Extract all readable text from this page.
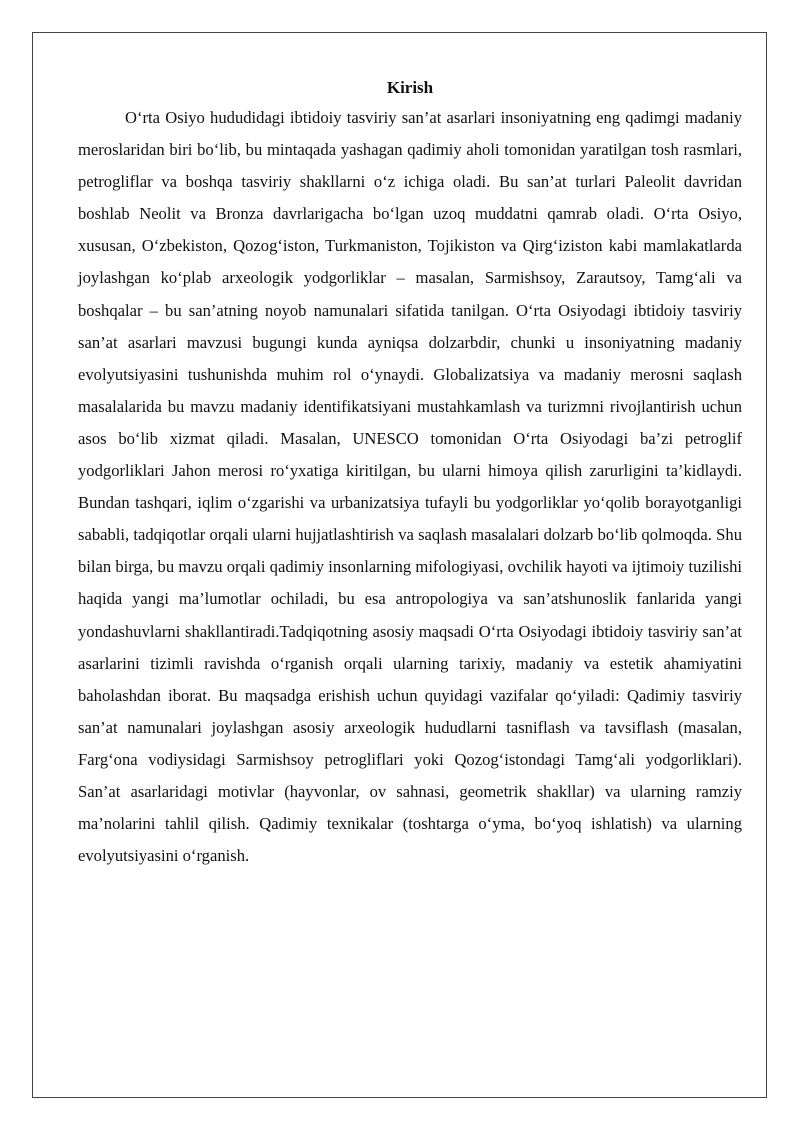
Kirish

O‘rta Osiyo hududidagi ibtidoiy tasviriy san’at asarlari insoniyatning eng qadimgi madaniy meroslaridan biri bo‘lib, bu mintaqada yashagan qadimiy aholi tomonidan yaratilgan tosh rasmlari, petrogliflar va boshqa tasviriy shakllarni o‘z ichiga oladi. Bu san’at turlari Paleolit davridan boshlab Neolit va Bronza davrlarigacha bo‘lgan uzoq muddatni qamrab oladi. O‘rta Osiyo, xususan, O‘zbekiston, Qozog‘iston, Turkmaniston, Tojikiston va Qirg‘iziston kabi mamlakatlarda joylashgan ko‘plab arxeologik yodgorliklar – masalan, Sarmishsoy, Zarautsoy, Tamg‘ali va boshqalar – bu san’atning noyob namunalari sifatida tanilgan. O‘rta Osiyodagi ibtidoiy tasviriy san’at asarlari mavzusi bugungi kunda ayniqsa dolzarbdir, chunki u insoniyatning madaniy evolyutsiyasini tushunishda muhim rol o‘ynaydi. Globalizatsiya va madaniy merosni saqlash masalalarida bu mavzu madaniy identifikatsiyani mustahkamlash va turizmni rivojlantirish uchun asos bo‘lib xizmat qiladi. Masalan, UNESCO tomonidan O‘rta Osiyodagi ba’zi petroglif yodgorliklari Jahon merosi ro‘yxatiga kiritilgan, bu ularni himoya qilish zarurligini ta’kidlaydi. Bundan tashqari, iqlim o‘zgarishi va urbanizatsiya tufayli bu yodgorliklar yo‘qolib borayotganligi sababli, tadqiqotlar orqali ularni hujjatlashtirish va saqlash masalalari dolzarb bo‘lib qolmoqda. Shu bilan birga, bu mavzu orqali qadimiy insonlarning mifologiyasi, ovchilik hayoti va ijtimoiy tuzilishi haqida yangi ma’lumotlar ochiladi, bu esa antropologiya va san’atshunoslik fanlarida yangi yondashuvlarni shakllantiradi.Tadqiqotning asosiy maqsadi O‘rta Osiyodagi ibtidoiy tasviriy san’at asarlarini tizimli ravishda o‘rganish orqali ularning tarixiy, madaniy va estetik ahamiyatini baholashdan iborat. Bu maqsadga erishish uchun quyidagi vazifalar qo‘yiladi: Qadimiy tasviriy san’at namunalari joylashgan asosiy arxeologik hududlarni tasniflash va tavsiflash (masalan, Farg‘ona vodiysidagi Sarmishsoy petrogliflari yoki Qozog‘istondagi Tamg‘ali yodgorliklari). San’at asarlaridagi motivlar (hayvonlar, ov sahnasi, geometrik shakllar) va ularning ramziy ma’nolarini tahlil qilish. Qadimiy texnikalar (toshtarga o‘yma, bo‘yoq ishlatish) va ularning evolyutsiyasini o‘rganish.
